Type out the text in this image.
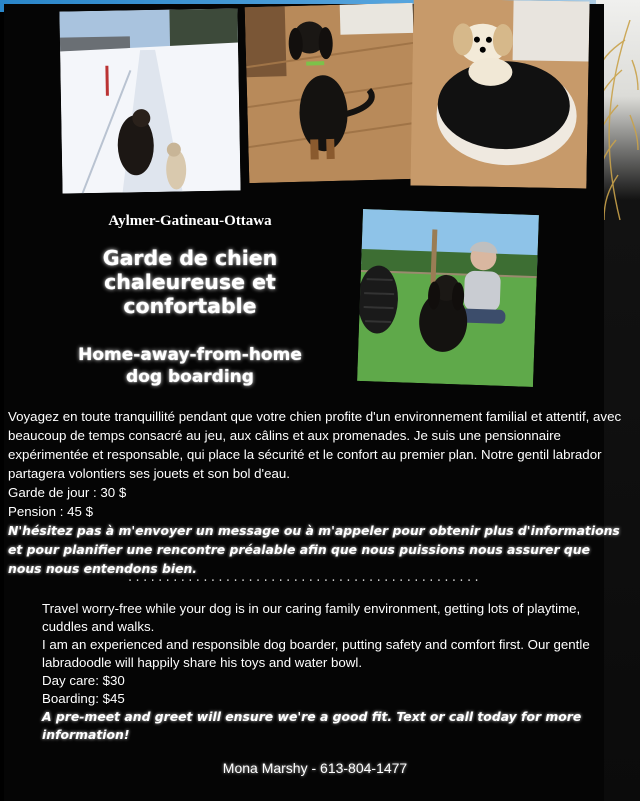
Aylmer-Gatineau-Ottawa
Garde de chien
chaleureuse et
confortable
Home-away-from-home
dog boarding

Voyagez en toute tranquillité pendant que votre chien profite d'un environnement familial et attentif, avec beaucoup de temps consacré au jeu, aux câlins et aux promenades. Je suis une pensionnaire expérimentée et responsable, qui place la sécurité et le confort au premier plan. Notre gentil labrador partagera volontiers ses jouets et son bol d'eau.

Garde de jour : 30 $

Pension : 45 $

N'hésitez pas à m'envoyer un message ou à m'appeler pour obtenir plus d'informations et pour planifier une rencontre préalable afin que nous puissions nous assurer que nous nous entendons bien.

...............................................

Travel worry-free while your dog is in our caring family environment, getting lots of playtime, cuddles and walks.

I am an experienced and responsible dog boarder, putting safety and comfort first. Our gentle labradoodle will happily share his toys and water bowl.

Day care: $30

Boarding: $45

A pre-meet and greet will ensure we're a good fit. Text or call today for more information!

Mona Marshy - 613-804-1477
